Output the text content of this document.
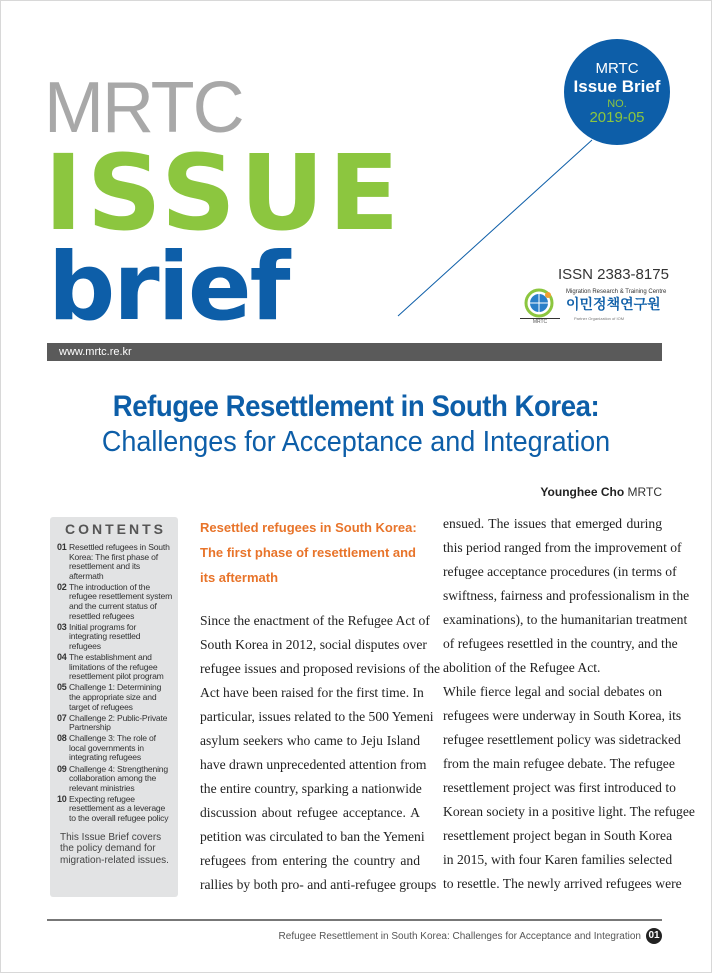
MRTC
ISSUE
brief
MRTC
Issue Brief
NO.
2019-05
ISSN 2383-8175
MRTC
Migration Research & Training Centre
이민정책연구원
Partner Organization of IOM
www.mrtc.re.kr
Refugee Resettlement in South Korea:
Challenges for Acceptance and Integration
Younghee Cho MRTC
CONTENTS
01 Resettled refugees in South Korea: The first phase of resettlement and its aftermath
02 The introduction of the refugee resettlement system and the current status of resettled refugees
03 Initial programs for integrating resettled refugees
04 The establishment and limitations of the refugee resettlement pilot program
05 Challenge 1: Determining the appropriate size and target of refugees
07 Challenge 2: Public-Private Partnership
08 Challenge 3: The role of local governments in integrating refugees
09 Challenge 4: Strengthening collaboration among the relevant ministries
10 Expecting refugee resettlement as a leverage to the overall refugee policy
This Issue Brief covers the policy demand for migration-related issues.
Resettled refugees in South Korea: The first phase of resettlement and its aftermath
Since the enactment of the Refugee Act of
South Korea in 2012, social disputes over
refugee issues and proposed revisions of the
Act have been raised for the first time. In
particular, issues related to the 500 Yemeni
asylum seekers who came to Jeju Island
have drawn unprecedented attention from
the entire country, sparking a nationwide
discussion about refugee acceptance. A
petition was circulated to ban the Yemeni
refugees from entering the country and
rallies by both pro- and anti-refugee groups
ensued. The issues that emerged during
this period ranged from the improvement of
refugee acceptance procedures (in terms of
swiftness, fairness and professionalism in the
examinations), to the humanitarian treatment
of refugees resettled in the country, and the
abolition of the Refugee Act.
While fierce legal and social debates on
refugees were underway in South Korea, its
refugee resettlement policy was sidetracked
from the main refugee debate. The refugee
resettlement project was first introduced to
Korean society in a positive light. The refugee
resettlement project began in South Korea
in 2015, with four Karen families selected
to resettle. The newly arrived refugees were
Refugee Resettlement in South Korea: Challenges for Acceptance and Integration 01
